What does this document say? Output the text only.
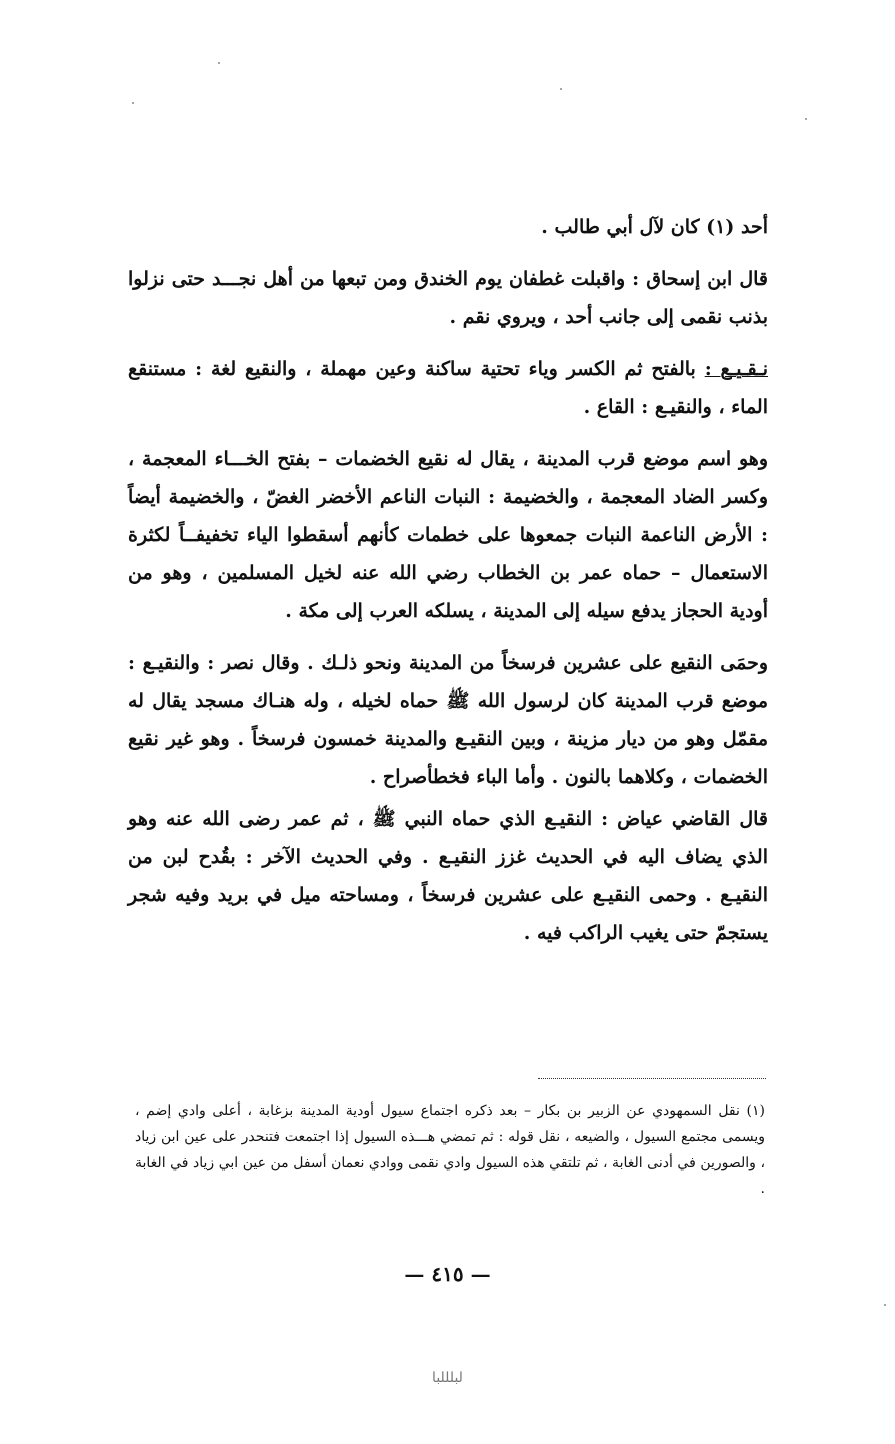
أحد (١) كان لآل أبي طالب .

قال ابن إسحاق : واقبلت غطفان يوم الخندق ومن تبعها من أهل نجـــد حتى نزلوا بذنب نقمى إلى جانب أحد ، ويروي نقم .

نـقـيـع : بالفتح ثم الكسر وياء تحتية ساكنة وعين مهملة ، والنقيع لغة : مستنقع الماء ، والنقيـع : القاع .

وهو اسم موضع قرب المدينة ، يقال له نقيع الخضمات – بفتح الخـــاء المعجمة ، وكسر الضاد المعجمة ، والخضيمة : النبات الناعم الأخضر الغضّ ، والخضيمة أيضاً : الأرض الناعمة النبات جمعوها على خطمات كأنهم أسقطوا الياء تخفيفــاً لكثرة الاستعمال – حماه عمر بن الخطاب رضي الله عنه لخيل المسلمين ، وهو من أودية الحجاز يدفع سيله إلى المدينة ، يسلكه العرب إلى مكة .

وحمَى النقيع على عشرين فرسخاً من المدينة ونحو ذلـك . وقال نصر : والنقيـع : موضع قرب المدينة كان لرسول الله ﷺ حماه لخيله ، وله هنـاك مسجد يقال له مقمّل وهو من ديار مزينة ، وبين النقيـع والمدينة خمسون فرسخاً . وهو غير نقيع الخضمات ، وكلاهما بالنون . وأما الباء فخطأصراح .

قال القاضي عياض : النقيـع الذي حماه النبي ﷺ ، ثم عمر رضى الله عنه وهو الذي يضاف اليه في الحديث غزز النقيـع . وفي الحديث الآخر : بقُدح لبن من النقيـع . وحمى النقيـع على عشرين فرسخاً ، ومساحته ميل في بريد وفيه شجر يستجمّ حتى يغيب الراكب فيه .

(١) نقل السمهودي عن الزبير بن بكار – بعد ذكره اجتماع سيول أودية المدينة بزغابة ، أعلى وادي إضم ، ويسمى مجتمع السيول ، والضيعه ، نقل قوله : ثم تمضي هـــذه السيول إذا اجتمعت فتنحدر على عين ابن زياد ، والصورين في أدنى الغابة ، ثم تلتقي هذه السيول وادي نقمى ووادي نعمان أسفل من عين ابي زياد في الغابة .

— ٤١٥ —
ﻟﺒﻠﻠﻠﺒﺎ
